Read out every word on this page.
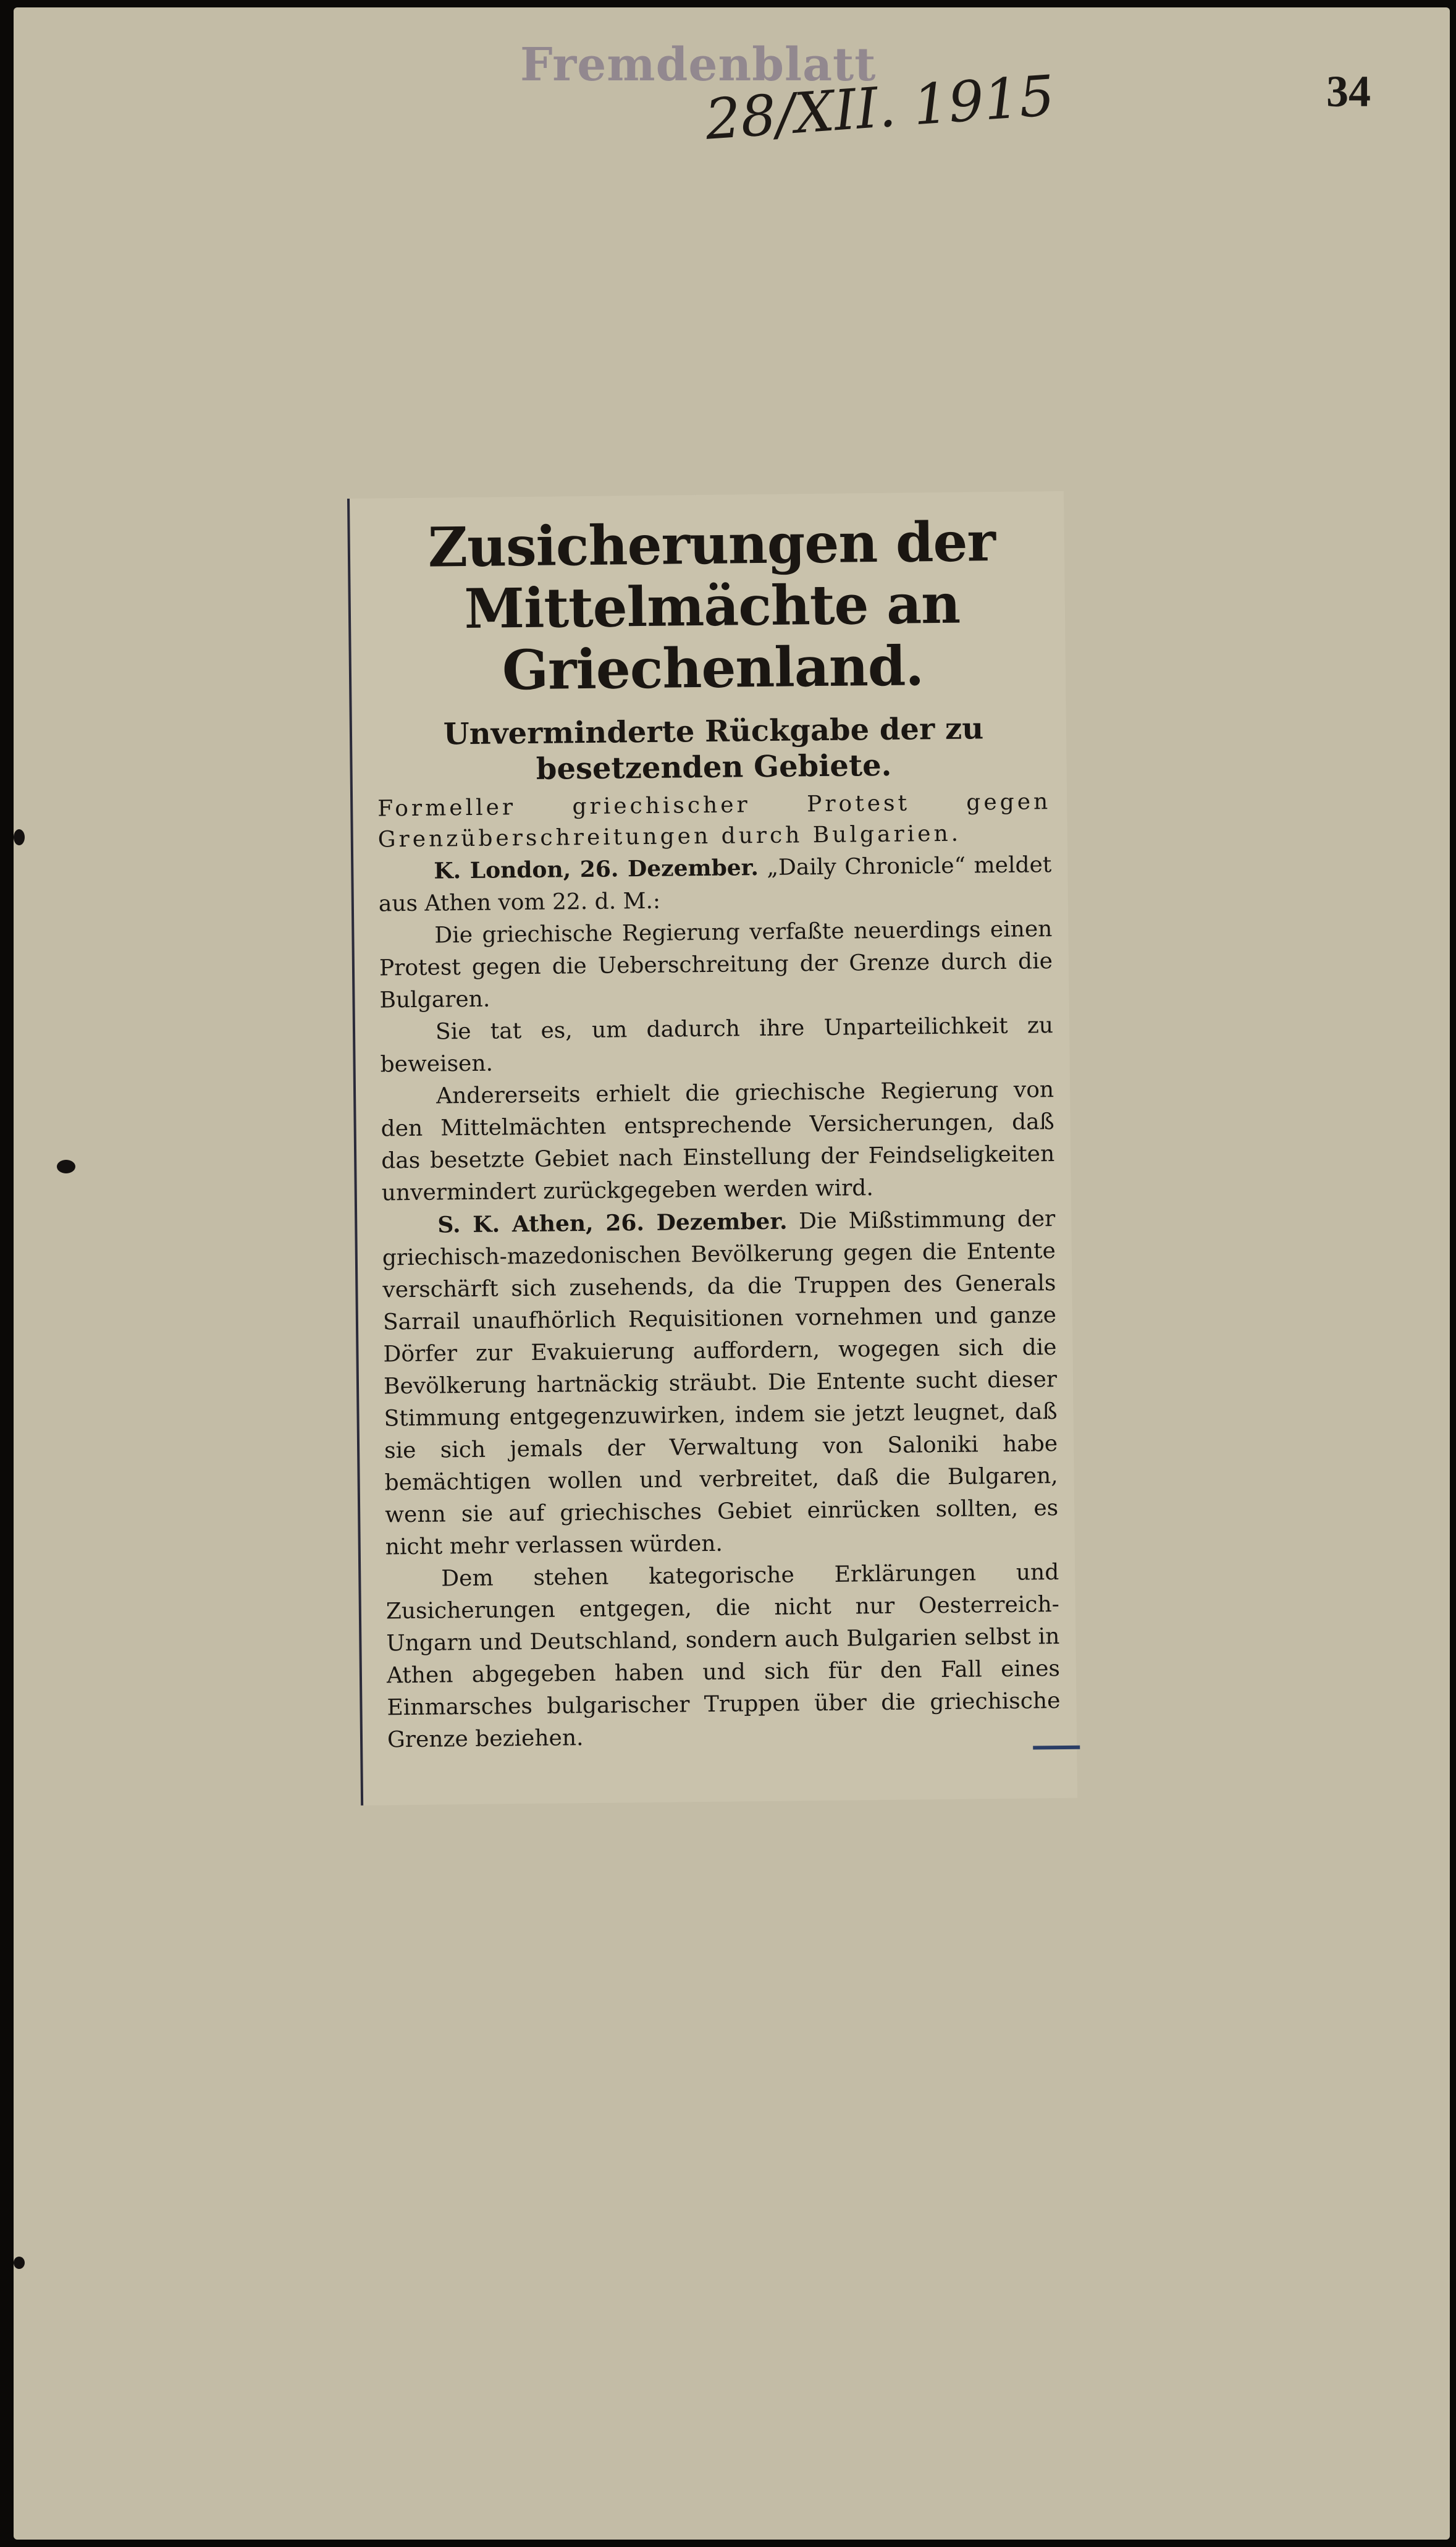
Fremdenblatt
28/XII. 1915	34
Zusicherungen der Mittelmächte an Griechenland.
Unverminderte Rückgabe der zu besetzenden Gebiete.
Formeller griechischer Protest gegen Grenzüberschreitungen durch Bulgarien.

K. London, 26. Dezember. „Daily Chronicle“ meldet aus Athen vom 22. d. M.:

Die griechische Regierung verfaßte neuerdings einen Protest gegen die Ueberschreitung der Grenze durch die Bulgaren.

Sie tat es, um dadurch ihre Unparteilichkeit zu beweisen.

Andererseits erhielt die griechische Regierung von den Mittelmächten entsprechende Versicherungen, daß das besetzte Gebiet nach Einstellung der Feindseligkeiten unvermindert zurückgegeben werden wird.

S. K. Athen, 26. Dezember. Die Mißstimmung der griechisch-mazedonischen Bevölkerung gegen die Entente verschärft sich zusehends, da die Truppen des Generals Sarrail unaufhörlich Requisitionen vornehmen und ganze Dörfer zur Evakuierung auffordern, wogegen sich die Bevölkerung hartnäckig sträubt. Die Entente sucht dieser Stimmung entgegenzuwirken, indem sie jetzt leugnet, daß sie sich jemals der Verwaltung von Saloniki habe bemächtigen wollen und verbreitet, daß die Bulgaren, wenn sie auf griechisches Gebiet einrücken sollten, es nicht mehr verlassen würden.

Dem stehen kategorische Erklärungen und Zusicherungen entgegen, die nicht nur Oesterreich-Ungarn und Deutschland, sondern auch Bulgarien selbst in Athen abgegeben haben und sich für den Fall eines Einmarsches bulgarischer Truppen über die griechische Grenze beziehen.
